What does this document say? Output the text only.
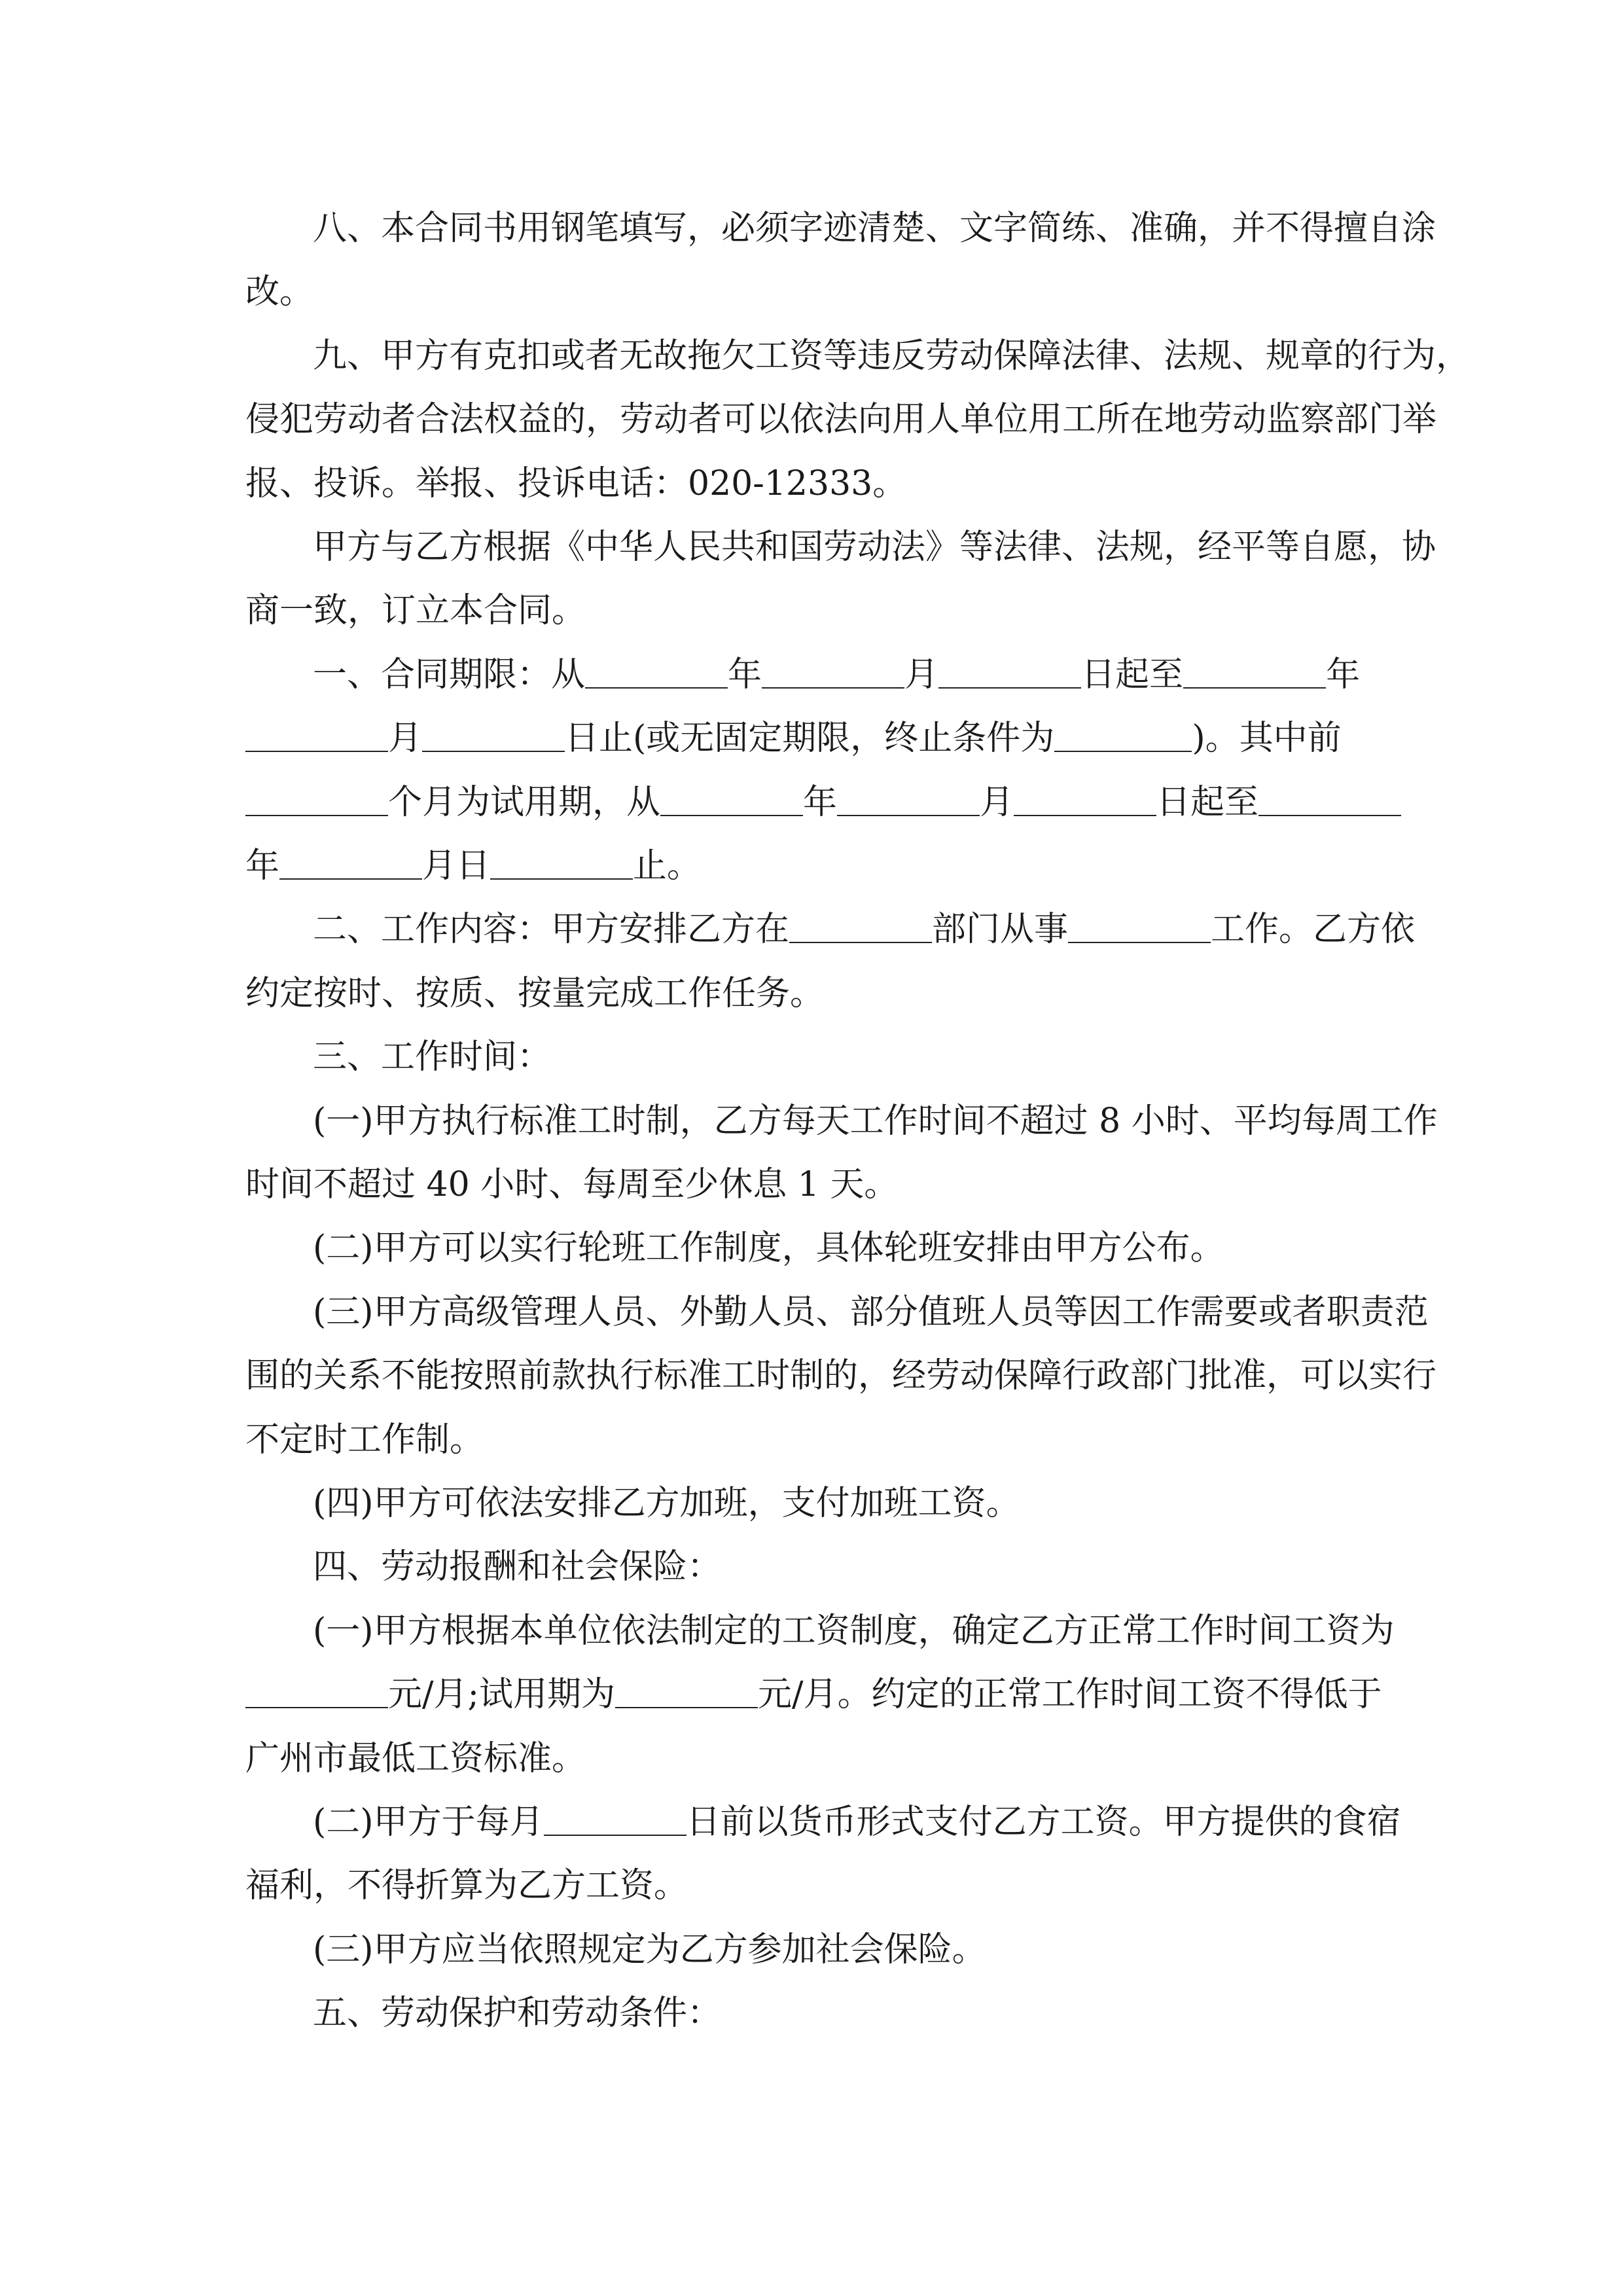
八、本合同书用钢笔填写，必须字迹清楚、文字简练、准确，并不得擅自涂
改。
九、甲方有克扣或者无故拖欠工资等违反劳动保障法律、法规、规章的行为，
侵犯劳动者合法权益的，劳动者可以依法向用人单位用工所在地劳动监察部门举
报、投诉。举报、投诉电话：020-12333。
甲方与乙方根据《中华人民共和国劳动法》等法律、法规，经平等自愿，协
商一致，订立本合同。
一、合同期限：从	年	月	日起至	年
月	日止(或无固定期限，终止条件为	)。其中前
个月为试用期，从	年	月	日起至
年	月日	止。
二、工作内容：甲方安排乙方在	部门从事	工作。乙方依
约定按时、按质、按量完成工作任务。
三、工作时间：
(一)甲方执行标准工时制，乙方每天工作时间不超过 8 小时、平均每周工作
时间不超过 40 小时、每周至少休息 1 天。
(二)甲方可以实行轮班工作制度，具体轮班安排由甲方公布。
(三)甲方高级管理人员、外勤人员、部分值班人员等因工作需要或者职责范
围的关系不能按照前款执行标准工时制的，经劳动保障行政部门批准，可以实行
不定时工作制。
(四)甲方可依法安排乙方加班，支付加班工资。
四、劳动报酬和社会保险：
(一)甲方根据本单位依法制定的工资制度，确定乙方正常工作时间工资为
元/月;试用期为	元/月。约定的正常工作时间工资不得低于
广州市最低工资标准。
(二)甲方于每月	日前以货币形式支付乙方工资。甲方提供的食宿
福利，不得折算为乙方工资。
(三)甲方应当依照规定为乙方参加社会保险。
五、劳动保护和劳动条件：
